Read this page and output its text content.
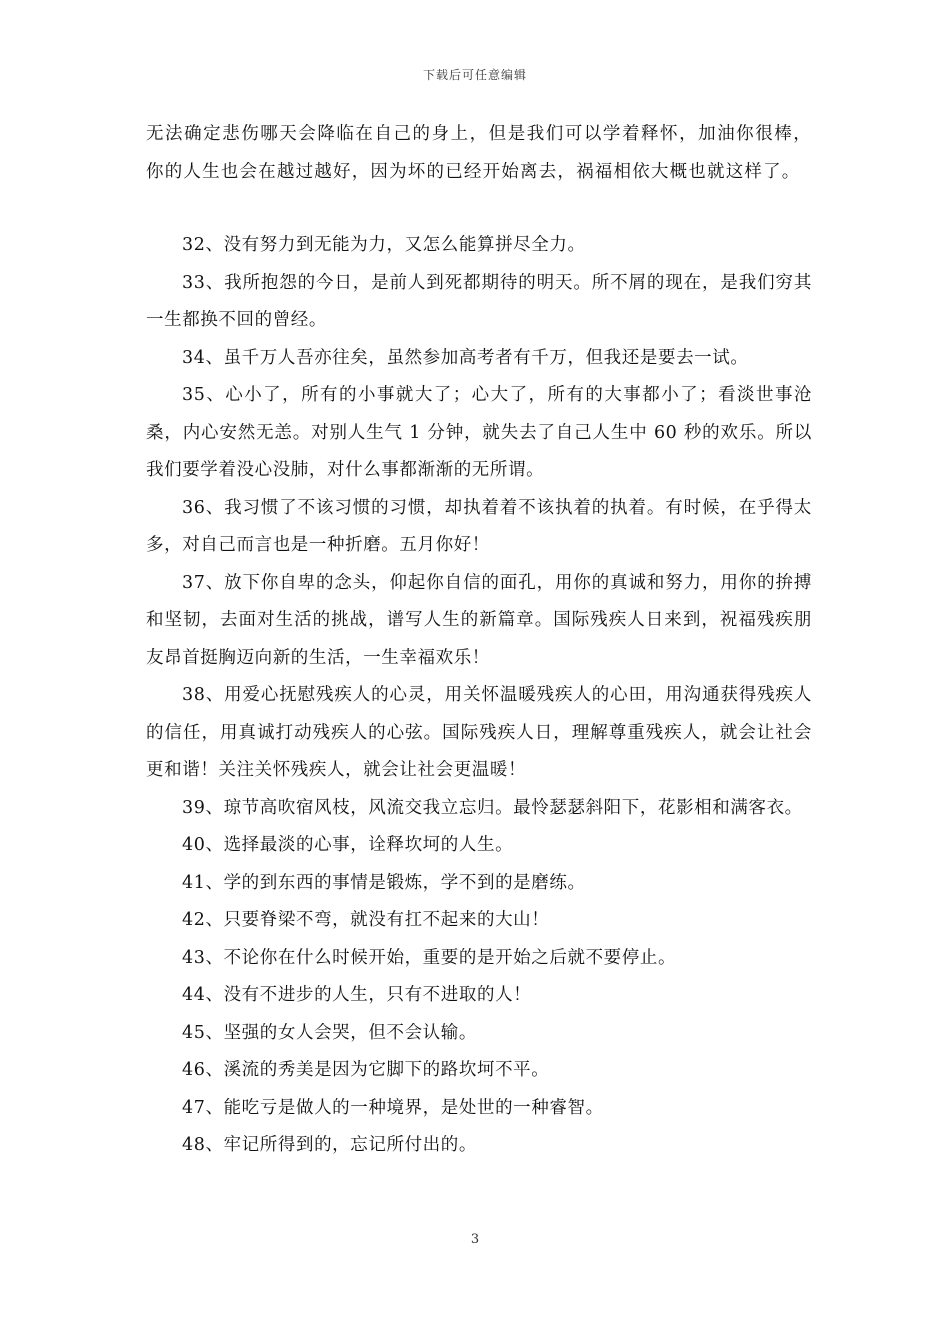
下载后可任意编辑

无法确定悲伤哪天会降临在自己的身上，但是我们可以学着释怀，加油你很棒，你的人生也会在越过越好，因为坏的已经开始离去，祸福相依大概也就这样了。

32、没有努力到无能为力，又怎么能算拼尽全力。

33、我所抱怨的今日，是前人到死都期待的明天。所不屑的现在，是我们穷其一生都换不回的曾经。

34、虽千万人吾亦往矣，虽然参加高考者有千万，但我还是要去一试。

35、心小了，所有的小事就大了；心大了，所有的大事都小了；看淡世事沧桑，内心安然无恙。对别人生气 1 分钟，就失去了自己人生中 60 秒的欢乐。所以我们要学着没心没肺，对什么事都渐渐的无所谓。

36、我习惯了不该习惯的习惯，却执着着不该执着的执着。有时候，在乎得太多，对自己而言也是一种折磨。五月你好！

37、放下你自卑的念头，仰起你自信的面孔，用你的真诚和努力，用你的拚搏和坚韧，去面对生活的挑战，谱写人生的新篇章。国际残疾人日来到，祝福残疾朋友昂首挺胸迈向新的生活，一生幸福欢乐！

38、用爱心抚慰残疾人的心灵，用关怀温暖残疾人的心田，用沟通获得残疾人的信任，用真诚打动残疾人的心弦。国际残疾人日，理解尊重残疾人，就会让社会更和谐！关注关怀残疾人，就会让社会更温暖！

39、琼节高吹宿风枝，风流交我立忘归。最怜瑟瑟斜阳下，花影相和满客衣。

40、选择最淡的心事，诠释坎坷的人生。

41、学的到东西的事情是锻炼，学不到的是磨练。

42、只要脊梁不弯，就没有扛不起来的大山！

43、不论你在什么时候开始，重要的是开始之后就不要停止。

44、没有不进步的人生，只有不进取的人！

45、坚强的女人会哭，但不会认输。

46、溪流的秀美是因为它脚下的路坎坷不平。

47、能吃亏是做人的一种境界，是处世的一种睿智。

48、牢记所得到的，忘记所付出的。

3
